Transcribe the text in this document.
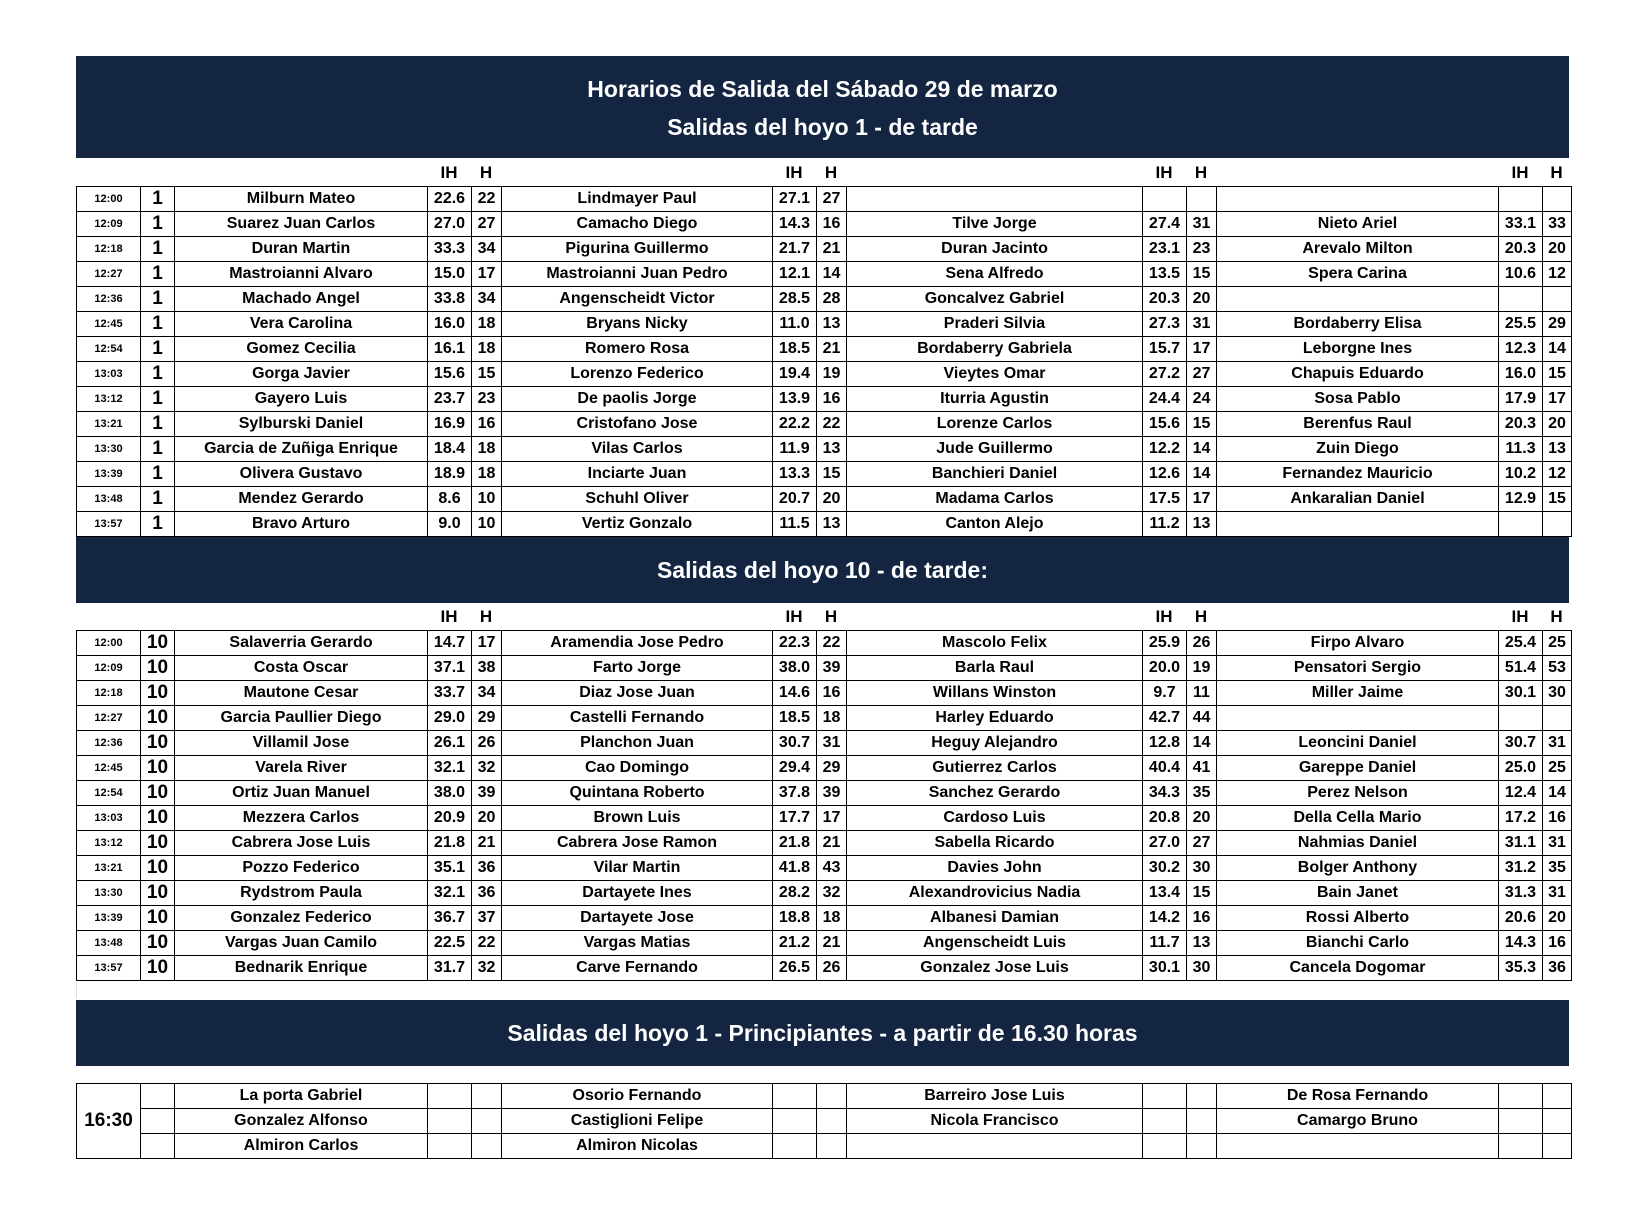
Horarios de Salida del Sábado 29 de marzo
Salidas del hoyo 1 - de tarde
IH	H	IH	H	IH	H	IH	H
12:00	1	Milburn Mateo	22.6	22	Lindmayer Paul	27.1	27						
12:09	1	Suarez Juan Carlos	27.0	27	Camacho Diego	14.3	16	Tilve Jorge	27.4	31	Nieto Ariel	33.1	33
12:18	1	Duran Martin	33.3	34	Pigurina Guillermo	21.7	21	Duran Jacinto	23.1	23	Arevalo Milton	20.3	20
12:27	1	Mastroianni Alvaro	15.0	17	Mastroianni Juan Pedro	12.1	14	Sena Alfredo	13.5	15	Spera Carina	10.6	12
12:36	1	Machado Angel	33.8	34	Angenscheidt Victor	28.5	28	Goncalvez Gabriel	20.3	20			
12:45	1	Vera Carolina	16.0	18	Bryans Nicky	11.0	13	Praderi Silvia	27.3	31	Bordaberry Elisa	25.5	29
12:54	1	Gomez Cecilia	16.1	18	Romero Rosa	18.5	21	Bordaberry Gabriela	15.7	17	Leborgne Ines	12.3	14
13:03	1	Gorga Javier	15.6	15	Lorenzo Federico	19.4	19	Vieytes Omar	27.2	27	Chapuis Eduardo	16.0	15
13:12	1	Gayero Luis	23.7	23	De paolis Jorge	13.9	16	Iturria Agustin	24.4	24	Sosa Pablo	17.9	17
13:21	1	Sylburski Daniel	16.9	16	Cristofano Jose	22.2	22	Lorenze Carlos	15.6	15	Berenfus Raul	20.3	20
13:30	1	Garcia de Zuñiga Enrique	18.4	18	Vilas Carlos	11.9	13	Jude Guillermo	12.2	14	Zuin Diego	11.3	13
13:39	1	Olivera Gustavo	18.9	18	Inciarte Juan	13.3	15	Banchieri Daniel	12.6	14	Fernandez Mauricio	10.2	12
13:48	1	Mendez Gerardo	8.6	10	Schuhl Oliver	20.7	20	Madama Carlos	17.5	17	Ankaralian Daniel	12.9	15
13:57	1	Bravo Arturo	9.0	10	Vertiz Gonzalo	11.5	13	Canton Alejo	11.2	13			
Salidas del hoyo 10 - de tarde:
IH	H	IH	H	IH	H	IH	H
12:00	10	Salaverria Gerardo	14.7	17	Aramendia Jose Pedro	22.3	22	Mascolo Felix	25.9	26	Firpo Alvaro	25.4	25
12:09	10	Costa Oscar	37.1	38	Farto Jorge	38.0	39	Barla Raul	20.0	19	Pensatori Sergio	51.4	53
12:18	10	Mautone Cesar	33.7	34	Diaz Jose Juan	14.6	16	Willans Winston	9.7	11	Miller Jaime	30.1	30
12:27	10	Garcia Paullier Diego	29.0	29	Castelli Fernando	18.5	18	Harley Eduardo	42.7	44			
12:36	10	Villamil Jose	26.1	26	Planchon Juan	30.7	31	Heguy Alejandro	12.8	14	Leoncini Daniel	30.7	31
12:45	10	Varela River	32.1	32	Cao Domingo	29.4	29	Gutierrez Carlos	40.4	41	Gareppe Daniel	25.0	25
12:54	10	Ortiz Juan Manuel	38.0	39	Quintana Roberto	37.8	39	Sanchez Gerardo	34.3	35	Perez Nelson	12.4	14
13:03	10	Mezzera Carlos	20.9	20	Brown Luis	17.7	17	Cardoso Luis	20.8	20	Della Cella Mario	17.2	16
13:12	10	Cabrera Jose Luis	21.8	21	Cabrera Jose Ramon	21.8	21	Sabella Ricardo	27.0	27	Nahmias Daniel	31.1	31
13:21	10	Pozzo Federico	35.1	36	Vilar Martin	41.8	43	Davies John	30.2	30	Bolger Anthony	31.2	35
13:30	10	Rydstrom Paula	32.1	36	Dartayete Ines	28.2	32	Alexandrovicius Nadia	13.4	15	Bain Janet	31.3	31
13:39	10	Gonzalez Federico	36.7	37	Dartayete Jose	18.8	18	Albanesi Damian	14.2	16	Rossi Alberto	20.6	20
13:48	10	Vargas Juan Camilo	22.5	22	Vargas Matias	21.2	21	Angenscheidt Luis	11.7	13	Bianchi Carlo	14.3	16
13:57	10	Bednarik Enrique	31.7	32	Carve Fernando	26.5	26	Gonzalez Jose Luis	30.1	30	Cancela Dogomar	35.3	36
Salidas del hoyo 1 - Principiantes - a partir de 16.30 horas
16:30		La porta Gabriel			Osorio Fernando			Barreiro Jose Luis			De Rosa Fernando		
		Gonzalez Alfonso			Castiglioni Felipe			Nicola Francisco			Camargo Bruno		
		Almiron Carlos			Almiron Nicolas								
